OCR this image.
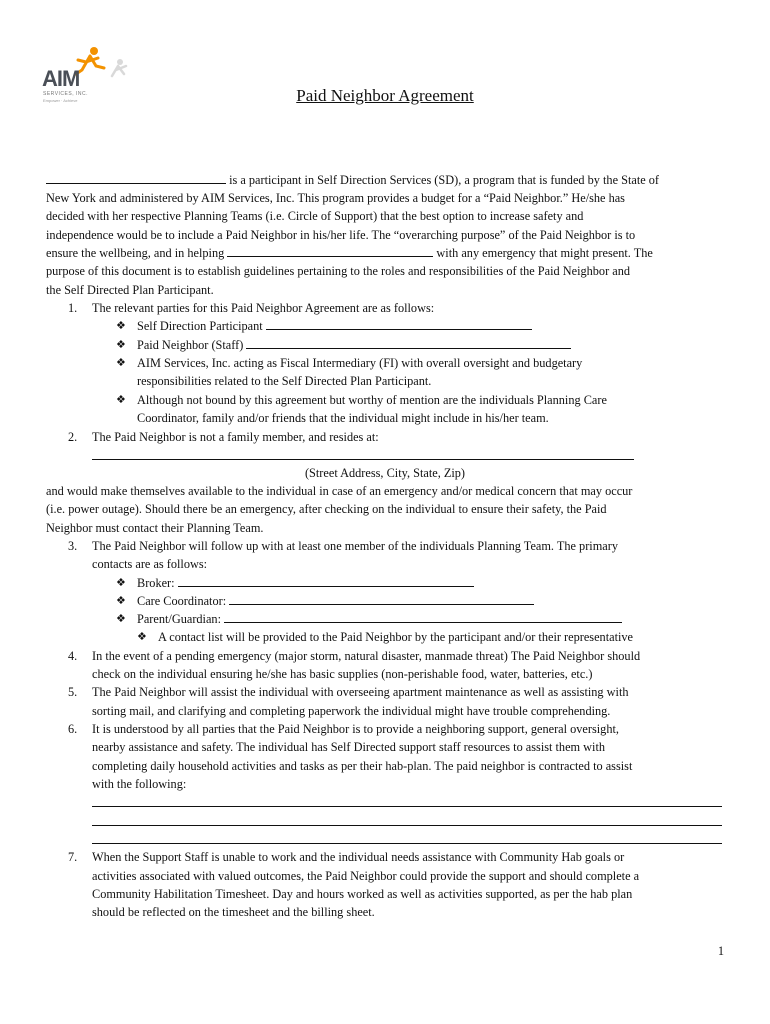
AIM
SERVICES, INC.
Empower · Achieve	Paid Neighbor Agreement
is a participant in Self Direction Services (SD), a program that is funded by the State of
New York and administered by AIM Services, Inc. This program provides a budget for a “Paid Neighbor.” He/she has
decided with her respective Planning Teams (i.e. Circle of Support) that the best option to increase safety and
independence would be to include a Paid Neighbor in his/her life. The “overarching purpose” of the Paid Neighbor is to
ensure the wellbeing, and in helping	with any emergency that might present. The
purpose of this document is to establish guidelines pertaining to the roles and responsibilities of the Paid Neighbor and
the Self Directed Plan Participant.
1. The relevant parties for this Paid Neighbor Agreement are as follows:
❖ Self Direction Participant
❖ Paid Neighbor (Staff)
❖ AIM Services, Inc. acting as Fiscal Intermediary (FI) with overall oversight and budgetary
responsibilities related to the Self Directed Plan Participant.
❖ Although not bound by this agreement but worthy of mention are the individuals Planning Care
Coordinator, family and/or friends that the individual might include in his/her team.
2. The Paid Neighbor is not a family member, and resides at:
(Street Address, City, State, Zip)
and would make themselves available to the individual in case of an emergency and/or medical concern that may occur
(i.e. power outage). Should there be an emergency, after checking on the individual to ensure their safety, the Paid
Neighbor must contact their Planning Team.
3. The Paid Neighbor will follow up with at least one member of the individuals Planning Team. The primary
contacts are as follows:
❖ Broker:
❖ Care Coordinator:
❖ Parent/Guardian:
❖ A contact list will be provided to the Paid Neighbor by the participant and/or their representative
4. In the event of a pending emergency (major storm, natural disaster, manmade threat) The Paid Neighbor should
check on the individual ensuring he/she has basic supplies (non-perishable food, water, batteries, etc.)
5. The Paid Neighbor will assist the individual with overseeing apartment maintenance as well as assisting with
sorting mail, and clarifying and completing paperwork the individual might have trouble comprehending.
6. It is understood by all parties that the Paid Neighbor is to provide a neighboring support, general oversight,
nearby assistance and safety. The individual has Self Directed support staff resources to assist them with
completing daily household activities and tasks as per their hab-plan. The paid neighbor is contracted to assist
with the following:
7. When the Support Staff is unable to work and the individual needs assistance with Community Hab goals or
activities associated with valued outcomes, the Paid Neighbor could provide the support and should complete a
Community Habilitation Timesheet. Day and hours worked as well as activities supported, as per the hab plan
should be reflected on the timesheet and the billing sheet.
1
